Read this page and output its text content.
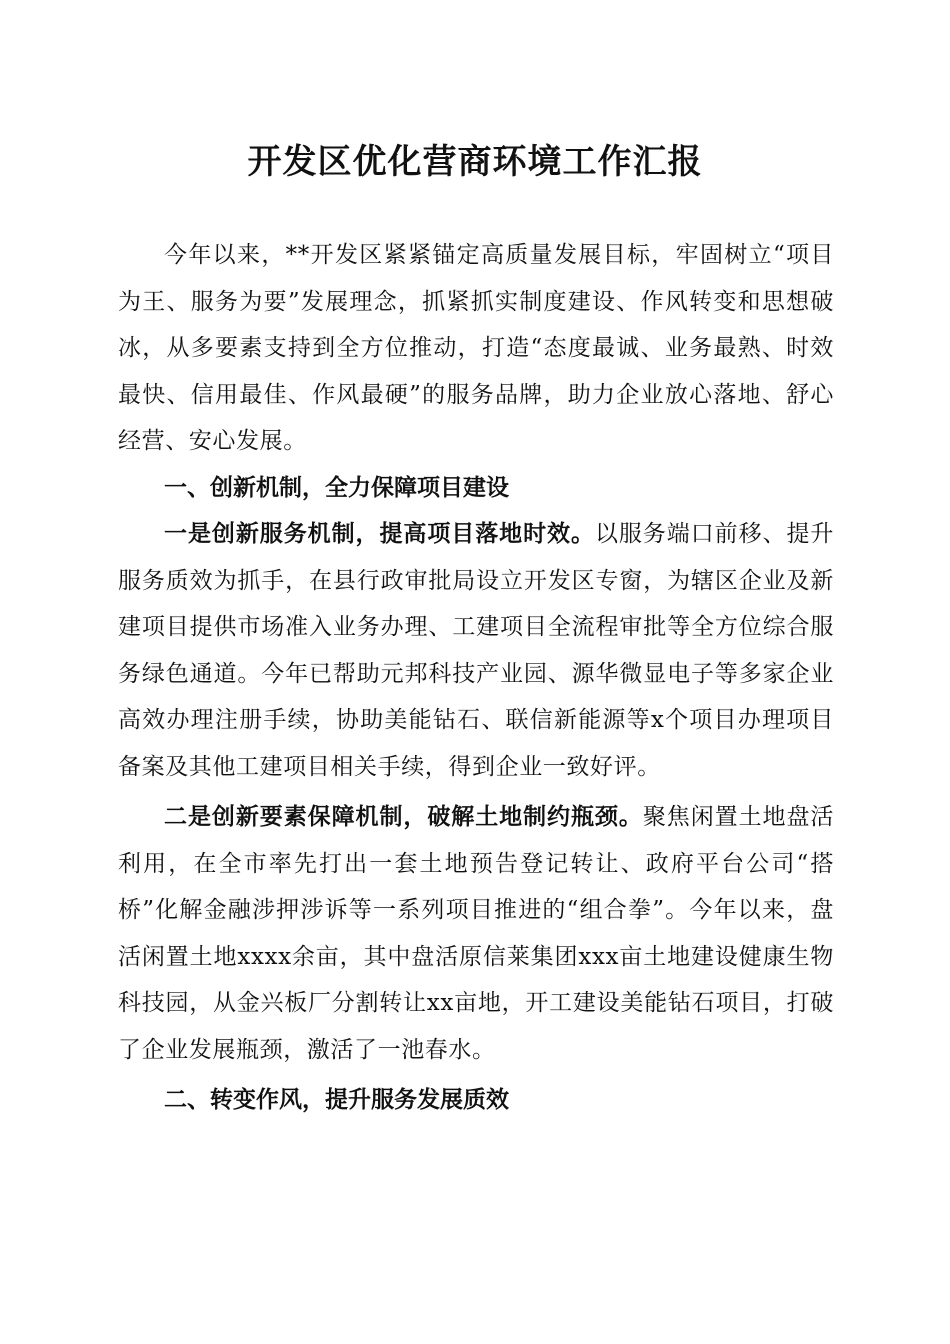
开发区优化营商环境工作汇报

今年以来，**开发区紧紧锚定高质量发展目标，牢固树立“项目为王、服务为要”发展理念，抓紧抓实制度建设、作风转变和思想破冰，从多要素支持到全方位推动，打造“态度最诚、业务最熟、时效最快、信用最佳、作风最硬”的服务品牌，助力企业放心落地、舒心经营、安心发展。

一、创新机制，全力保障项目建设

一是创新服务机制，提高项目落地时效。以服务端口前移、提升服务质效为抓手，在县行政审批局设立开发区专窗，为辖区企业及新建项目提供市场准入业务办理、工建项目全流程审批等全方位综合服务绿色通道。今年已帮助元邦科技产业园、源华微显电子等多家企业高效办理注册手续，协助美能钻石、联信新能源等x个项目办理项目备案及其他工建项目相关手续，得到企业一致好评。

二是创新要素保障机制，破解土地制约瓶颈。聚焦闲置土地盘活利用，在全市率先打出一套土地预告登记转让、政府平台公司“搭桥”化解金融涉押涉诉等一系列项目推进的“组合拳”。今年以来，盘活闲置土地xxxx余亩，其中盘活原信莱集团xxx亩土地建设健康生物科技园，从金兴板厂分割转让xx亩地，开工建设美能钻石项目，打破了企业发展瓶颈，激活了一池春水。

二、转变作风，提升服务发展质效
